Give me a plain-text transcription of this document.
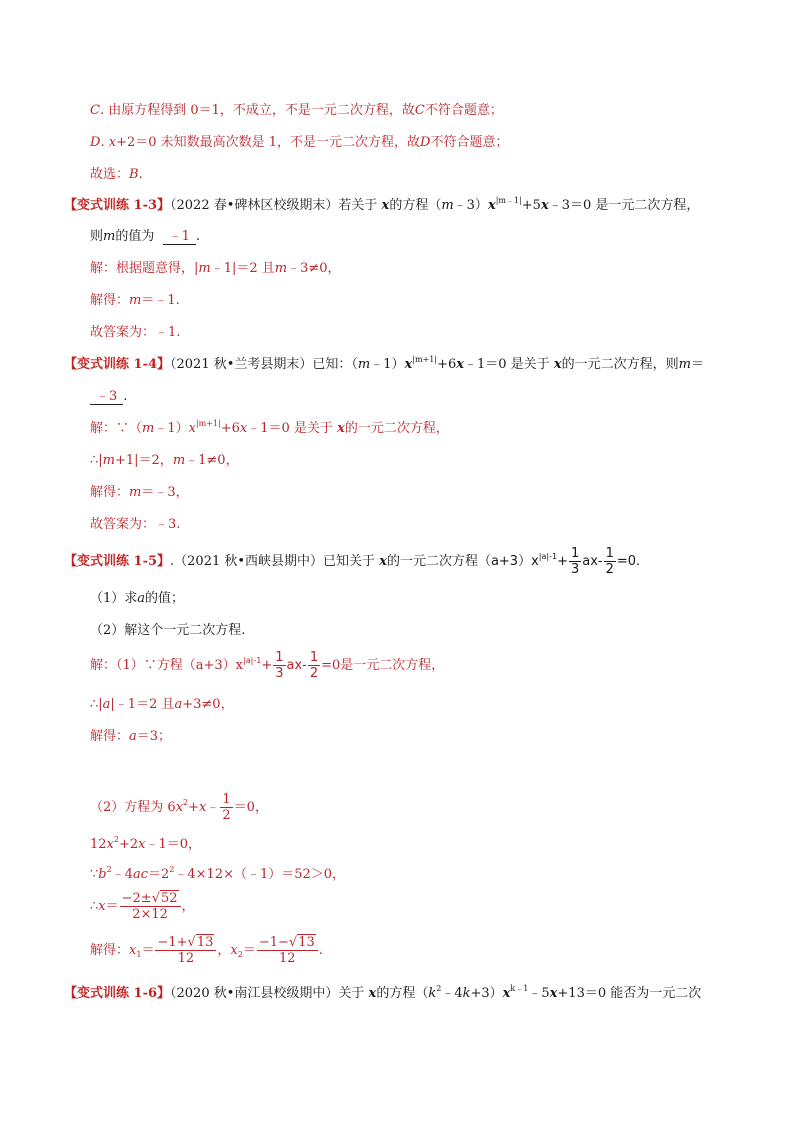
C. 由原方程得到 0＝1，不成立，不是一元二次方程，故C不符合题意；
D. x+2＝0 未知数最高次数是 1，不是一元二次方程，故D不符合题意；
故选：B.
【变式训练 1-3】（2022 春•碑林区校级期末）若关于 x的方程$(m﹣3)x^{|m﹣1|}+5x﹣3=0$ 是一元二次方程，
则m的值为 ﹣1 .
解：根据题意得，|m﹣1|＝2 且m﹣3≠0，
解得：m＝﹣1.
故答案为：﹣1.
【变式训练 1-4】（2021 秋•兰考县期末）已知：$(m﹣1)x^{|m+1|}+6x﹣1=0$ 是关于 x的一元二次方程，则m＝
﹣3 .
解：$\because(m﹣1)x^{|m+1|}+6x﹣1=0$ 是关于 x的一元二次方程，
∴|m+1|＝2，m﹣1≠0，
解得：m＝﹣3，
故答案为：﹣3.
【变式训练 1-5】.（2021 秋•西峡县期中）已知关于 x的一元二次方程$(a+3)x^{|a|-1}+ \frac{1}{3} ax- \frac{1}{2} =0$.
（1）求a的值；
（2）解这个一元二次方程.
解：（1）∵方程$(a+3)x^{|a|-1}+ \frac{1}{3} ax- \frac{1}{2} =0$是一元二次方程，
∴|a|﹣1＝2 且a+3≠0，
解得：a＝3；
（2）方程为 $6x^2+x﹣ \frac{1}{2} =0$，
$12x^2+2x﹣1=0$，
$\because b^2﹣4ac=2^2﹣4\times 12\times(﹣1)=52>0$，
∴x＝ $\frac{-2\pm√52}{2\times 12}$ ，
解得：$x_1= \frac{-1+√13}{12}$ ，$x_2= \frac{-1-√13}{12}$ .
【变式训练 1-6】（2020 秋•南江县校级期中）关于 x的方程$(k^2﹣4k+3)x^{k﹣1}﹣5x+13=0$ 能否为一元二次
